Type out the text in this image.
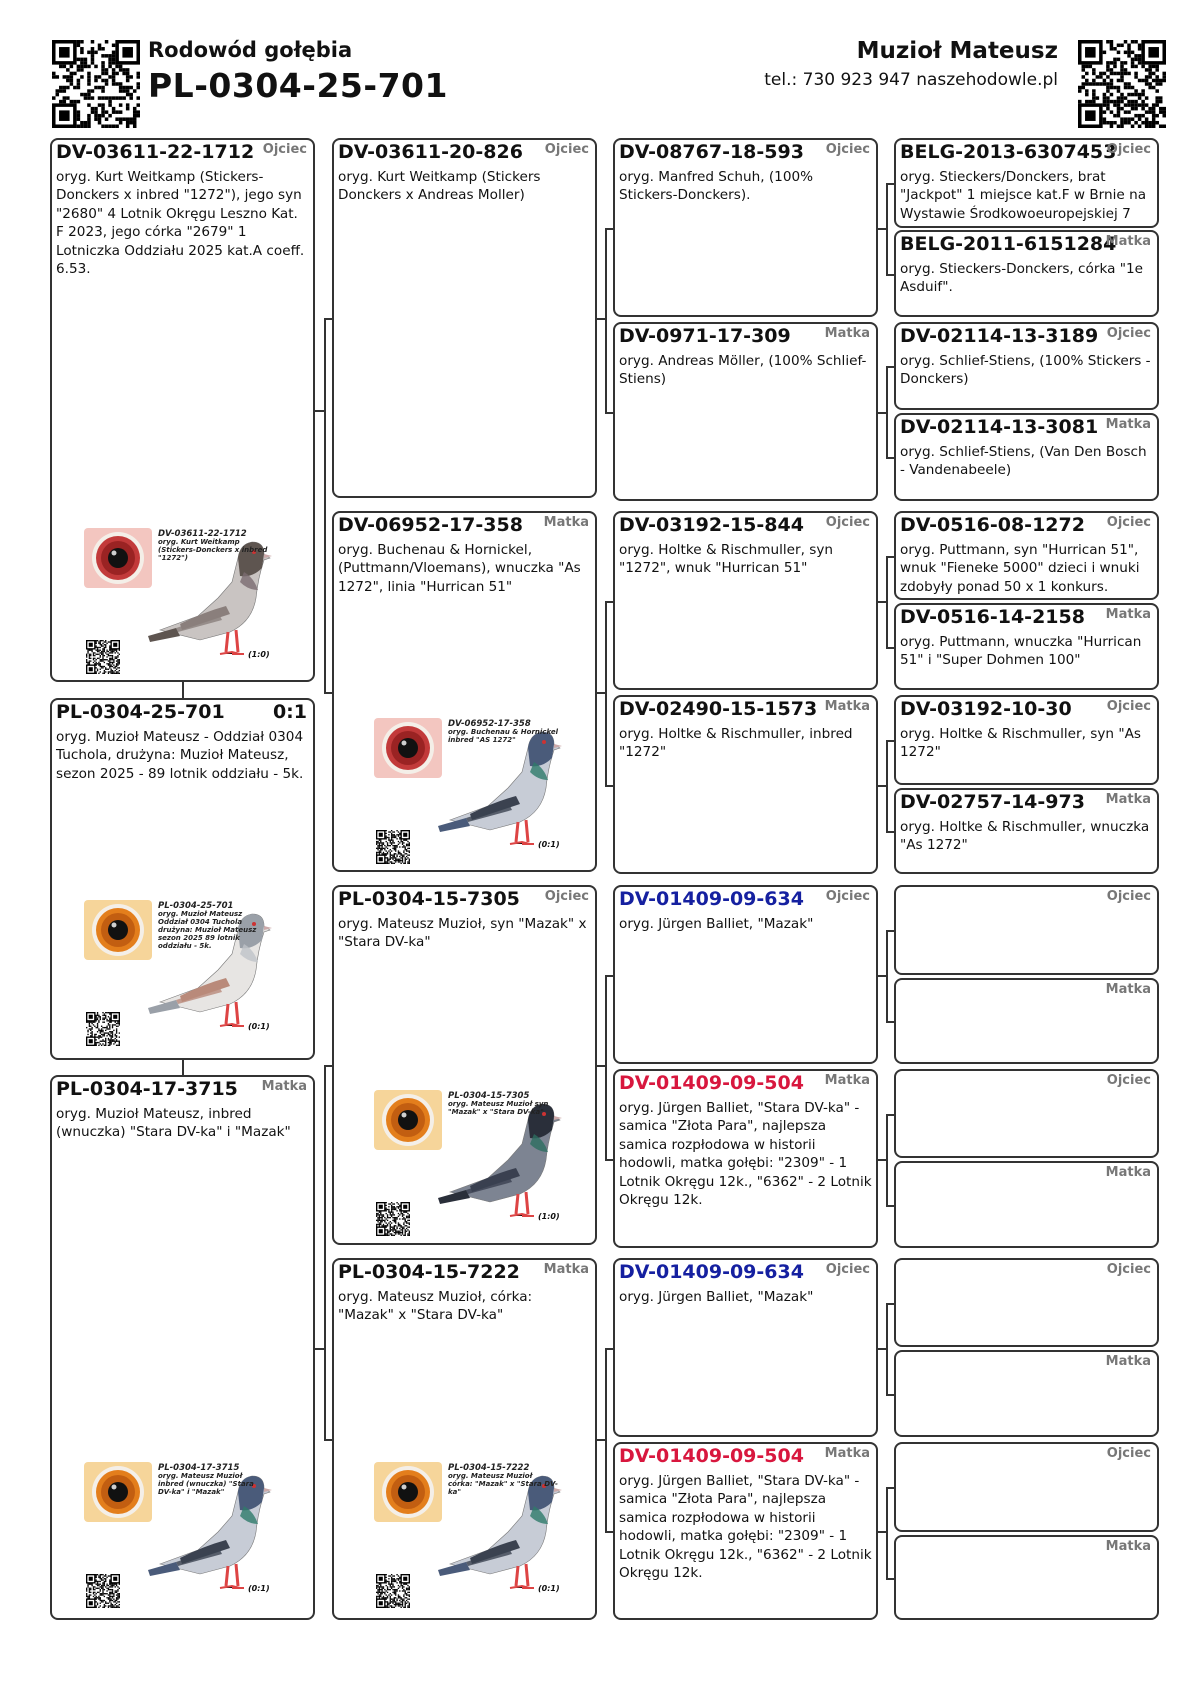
Rodowód gołębia
PL-0304-25-701
Muzioł Mateusz
tel.: 730 923 947 naszehodowle.pl
PL-0304-25-701	0:1
oryg. Muzioł Mateusz - Oddział 0304 Tuchola, drużyna: Muzioł Mateusz, sezon 2025 - 89 lotnik oddziału - 5k.
DV-03611-22-1712 Ojciec
oryg. Kurt Weitkamp (Stickers-Donckers x inbred "1272"), jego syn "2680" 4 Lotnik Okręgu Leszno Kat. F 2023, jego córka "2679" 1 Lotniczka Oddziału 2025 kat.A coeff. 6.53.
PL-0304-17-3715 Matka
oryg. Muzioł Mateusz, inbred (wnuczka) "Stara DV-ka" i "Mazak"
DV-03611-20-826 Ojciec
oryg. Kurt Weitkamp (Stickers Donckers x Andreas Moller)
DV-06952-17-358 Matka
oryg. Buchenau & Hornickel, (Puttmann/Vloemans), wnuczka "As 1272", linia "Hurrican 51"
PL-0304-15-7305 Ojciec
oryg. Mateusz Muzioł, syn "Mazak" x "Stara DV-ka"
PL-0304-15-7222 Matka
oryg. Mateusz Muzioł, córka: "Mazak" x "Stara DV-ka"
DV-08767-18-593 Ojciec
oryg. Manfred Schuh, (100% Stickers-Donckers).
DV-0971-17-309	Matka
oryg. Andreas Möller, (100% Schlief-Stiens)
DV-03192-15-844 Ojciec
oryg. Holtke & Rischmuller, syn "1272", wnuk "Hurrican 51"
DV-02490-15-1573 Matka
oryg. Holtke & Rischmuller, inbred "1272"
DV-01409-09-634 Ojciec
oryg. Jürgen Balliet, "Mazak"
DV-01409-09-504 Matka
oryg. Jürgen Balliet, "Stara DV-ka" - samica "Złota Para", najlepsza samica rozpłodowa w historii hodowli, matka gołębi: "2309" - 1 Lotnik Okręgu 12k., "6362" - 2 Lotnik Okręgu 12k.
DV-01409-09-634 Ojciec
oryg. Jürgen Balliet, "Mazak"
DV-01409-09-504 Matka
oryg. Jürgen Balliet, "Stara DV-ka" - samica "Złota Para", najlepsza samica rozpłodowa w historii hodowli, matka gołębi: "2309" - 1 Lotnik Okręgu 12k., "6362" - 2 Lotnik Okręgu 12k.
BELG-2013-6307453
Ojciec
oryg. Stieckers/Donckers, brat "Jackpot" 1 miejsce kat.F w Brnie na Wystawie Środkowoeuropejskiej 7
BELG-2011-6151284
Matka
oryg. Stieckers-Donckers, córka "1e Asduif".
DV-02114-13-3189 Ojciec
oryg. Schlief-Stiens, (100% Stickers - Donckers)
DV-02114-13-3081 Matka
oryg. Schlief-Stiens, (Van Den Bosch - Vandenabeele)
DV-0516-08-1272 Ojciec
oryg. Puttmann, syn "Hurrican 51", wnuk "Fieneke 5000" dzieci i wnuki zdobyły ponad 50 x 1 konkurs.
DV-0516-14-2158 Matka
oryg. Puttmann, wnuczka "Hurrican 51" i "Super Dohmen 100"
DV-03192-10-30	Ojciec
oryg. Holtke & Rischmuller, syn "As 1272"
DV-02757-14-973 Matka
oryg. Holtke & Rischmuller, wnuczka "As 1272"
Ojciec
Matka
Ojciec
Matka
Ojciec
Matka
Ojciec
Matka
DV-03611-22-1712
oryg. Kurt Weitkamp (Stickers-Donckers x inbred "1272")
(1:0)
PL-0304-25-701
oryg. Muzioł Mateusz Oddział 0304 Tuchola drużyna: Muzioł Mateusz sezon 2025 89 lotnik oddziału - 5k.
(0:1)
PL-0304-17-3715
oryg. Mateusz Muzioł inbred (wnuczka) "Stara DV-ka" i "Mazak"
(0:1)
DV-06952-17-358
oryg. Buchenau & Hornickel inbred "AS 1272"
(0:1)
PL-0304-15-7305
oryg. Mateusz Muzioł syn "Mazak" x "Stara DV-ka"
(1:0)
PL-0304-15-7222
oryg. Mateusz Muzioł córka: "Mazak" x "Stara DV-ka"
(0:1)
